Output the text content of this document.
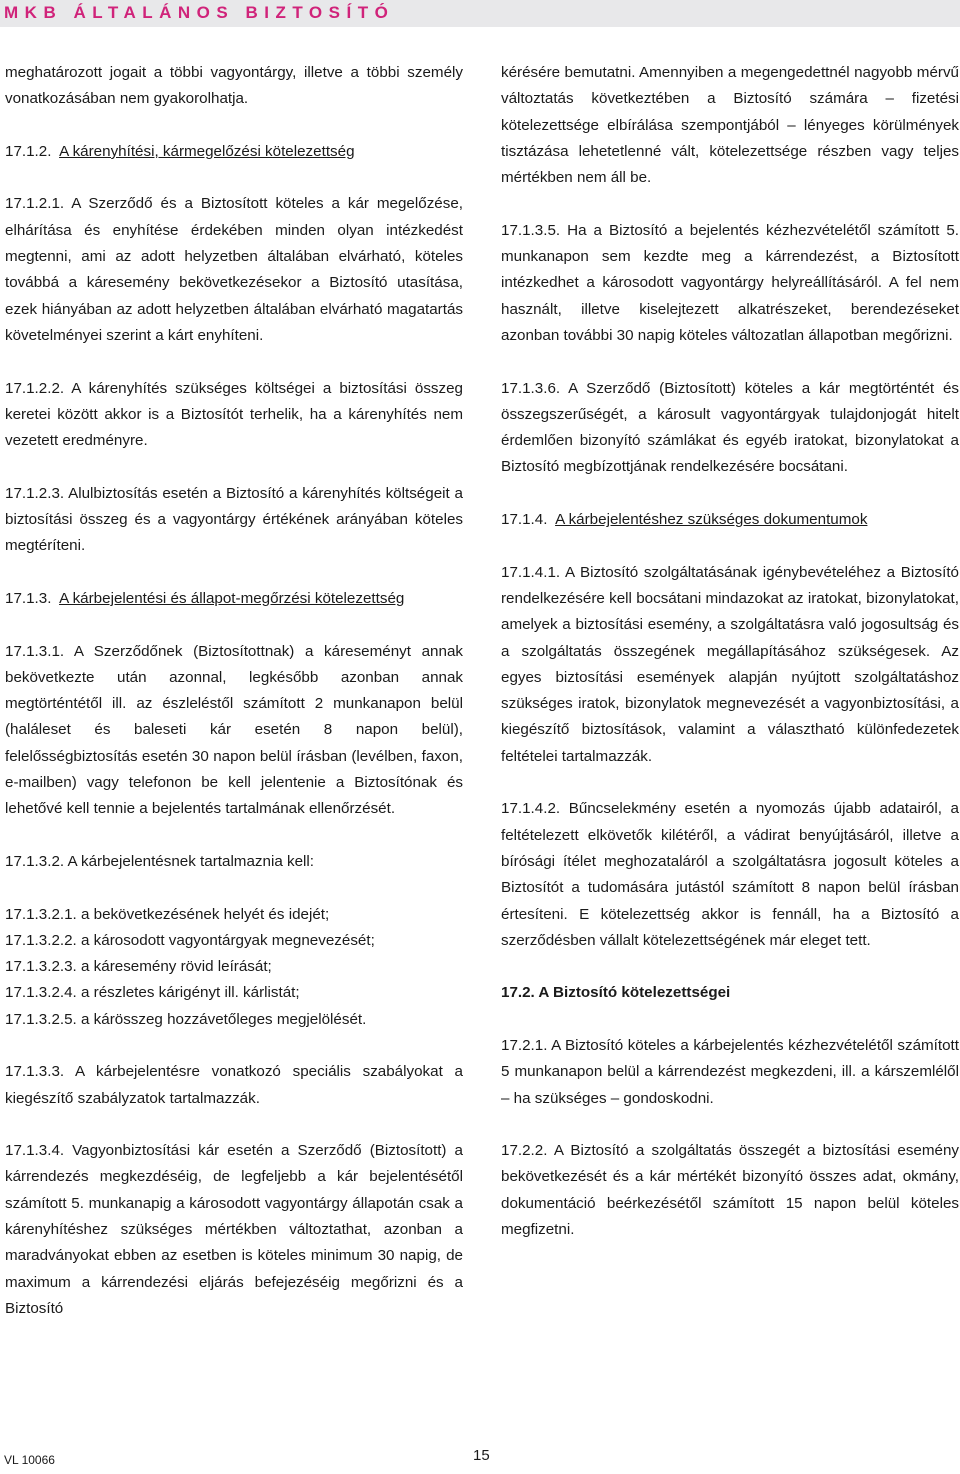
MKB ÁLTALÁNOS BIZTOSÍTÓ

meghatározott jogait a többi vagyontárgy, illetve a többi személy vonatkozásában nem gyakorolhatja.

17.1.2. A kárenyhítési, kármegelőzési kötelezettség

17.1.2.1. A Szerződő és a Biztosított köteles a kár megelőzése, elhárítása és enyhítése érdekében minden olyan intézkedést megtenni, ami az adott helyzetben általában elvárható, köteles továbbá a káresemény bekövetkezésekor a Biztosító utasítása, ezek hiányában az adott helyzetben általában elvárható magatartás követelményei szerint a kárt enyhíteni.

17.1.2.2. A kárenyhítés szükséges költségei a biztosítási összeg keretei között akkor is a Biztosítót terhelik, ha a kárenyhítés nem vezetett eredményre.

17.1.2.3. Alulbiztosítás esetén a Biztosító a kárenyhítés költségeit a biztosítási összeg és a vagyontárgy értékének arányában köteles megtéríteni.

17.1.3. A kárbejelentési és állapot-megőrzési kötelezettség

17.1.3.1. A Szerződőnek (Biztosítottnak) a káreseményt annak bekövetkezte után azonnal, legkésőbb azonban annak megtörténtétől ill. az észleléstől számított 2 munkanapon belül (haláleset és baleseti kár esetén 8 napon belül), felelősségbiztosítás esetén 30 napon belül írásban (levélben, faxon, e-mailben) vagy telefonon be kell jelentenie a Biztosítónak és lehetővé kell tennie a bejelentés tartalmának ellenőrzését.

17.1.3.2. A kárbejelentésnek tartalmaznia kell:

17.1.3.2.1. a bekövetkezésének helyét és idejét;

17.1.3.2.2. a károsodott vagyontárgyak megnevezését;

17.1.3.2.3. a káresemény rövid leírását;

17.1.3.2.4. a részletes kárigényt ill. kárlistát;

17.1.3.2.5. a kárösszeg hozzávetőleges megjelölését.

17.1.3.3. A kárbejelentésre vonatkozó speciális szabályokat a kiegészítő szabályzatok tartalmazzák.

17.1.3.4. Vagyonbiztosítási kár esetén a Szerződő (Biztosított) a kárrendezés megkezdéséig, de legfeljebb a kár bejelentésétől számított 5. munkanapig a károsodott vagyontárgy állapotán csak a kárenyhítéshez szükséges mértékben változtathat, azonban a maradványokat ebben az esetben is köteles minimum 30 napig, de maximum a kárrendezési eljárás befejezéséig megőrizni és a Biztosító

kérésére bemutatni. Amennyiben a megengedettnél nagyobb mérvű változtatás következtében a Biztosító számára – fizetési kötelezettsége elbírálása szempontjából – lényeges körülmények tisztázása lehetetlenné vált, kötelezettsége részben vagy teljes mértékben nem áll be.

17.1.3.5. Ha a Biztosító a bejelentés kézhezvételétől számított 5. munkanapon sem kezdte meg a kárrendezést, a Biztosított intézkedhet a károsodott vagyontárgy helyreállításáról. A fel nem használt, illetve kiselejtezett alkatrészeket, berendezéseket azonban további 30 napig köteles változatlan állapotban megőrizni.

17.1.3.6. A Szerződő (Biztosított) köteles a kár megtörténtét és összegszerűségét, a károsult vagyontárgyak tulajdonjogát hitelt érdemlően bizonyító számlákat és egyéb iratokat, bizonylatokat a Biztosító megbízottjának rendelkezésére bocsátani.

17.1.4. A kárbejelentéshez szükséges dokumentumok

17.1.4.1. A Biztosító szolgáltatásának igénybevételéhez a Biztosító rendelkezésére kell bocsátani mindazokat az iratokat, bizonylatokat, amelyek a biztosítási esemény, a szolgáltatásra való jogosultság és a szolgáltatás összegének megállapításához szükségesek. Az egyes biztosítási események alapján nyújtott szolgáltatáshoz szükséges iratok, bizonylatok megnevezését a vagyonbiztosítási, a kiegészítő biztosítások, valamint a választható különfedezetek feltételei tartalmazzák.

17.1.4.2. Bűncselekmény esetén a nyomozás újabb adatairól, a feltételezett elkövetők kilétéről, a vádirat benyújtásáról, illetve a bírósági ítélet meghozataláról a szolgáltatásra jogosult köteles a Biztosítót a tudomására jutástól számított 8 napon belül írásban értesíteni. E kötelezettség akkor is fennáll, ha a Biztosító a szerződésben vállalt kötelezettségének már eleget tett.

17.2. A Biztosító kötelezettségei

17.2.1. A Biztosító köteles a kárbejelentés kézhezvételétől számított 5 munkanapon belül a kárrendezést megkezdeni, ill. a kárszemlélől – ha szükséges – gondoskodni.

17.2.2. A Biztosító a szolgáltatás összegét a biztosítási esemény bekövetkezését és a kár mértékét bizonyító összes adat, okmány, dokumentáció beérkezésétől számított 15 napon belül köteles megfizetni.

VL 10066	15
